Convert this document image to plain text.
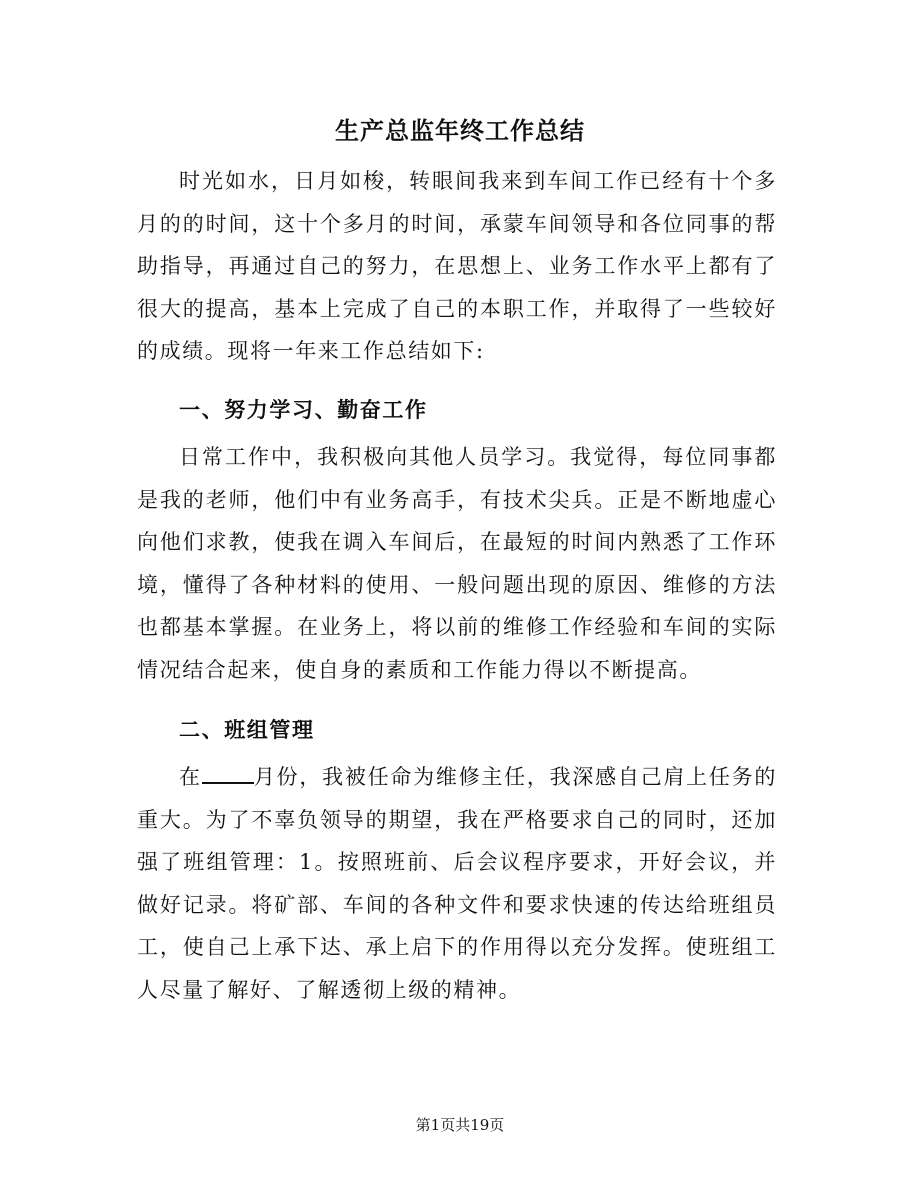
生产总监年终工作总结
时光如水，日月如梭，转眼间我来到车间工作已经有十个多月的的时间，这十个多月的时间，承蒙车间领导和各位同事的帮助指导，再通过自己的努力，在思想上、业务工作水平上都有了很大的提高，基本上完成了自己的本职工作，并取得了一些较好的成绩。现将一年来工作总结如下:
一、努力学习、勤奋工作
日常工作中，我积极向其他人员学习。我觉得，每位同事都是我的老师，他们中有业务高手，有技术尖兵。正是不断地虚心向他们求教，使我在调入车间后，在最短的时间内熟悉了工作环境，懂得了各种材料的使用、一般问题出现的原因、维修的方法也都基本掌握。在业务上，将以前的维修工作经验和车间的实际情况结合起来，使自身的素质和工作能力得以不断提高。
二、班组管理
在 月份，我被任命为维修主任，我深感自己肩上任务的重大。为了不辜负领导的期望，我在严格要求自己的同时，还加强了班组管理：1。按照班前、后会议程序要求，开好会议，并做好记录。将矿部、车间的各种文件和要求快速的传达给班组员工，使自己上承下达、承上启下的作用得以充分发挥。使班组工人尽量了解好、了解透彻上级的精神。
第1页共19页
